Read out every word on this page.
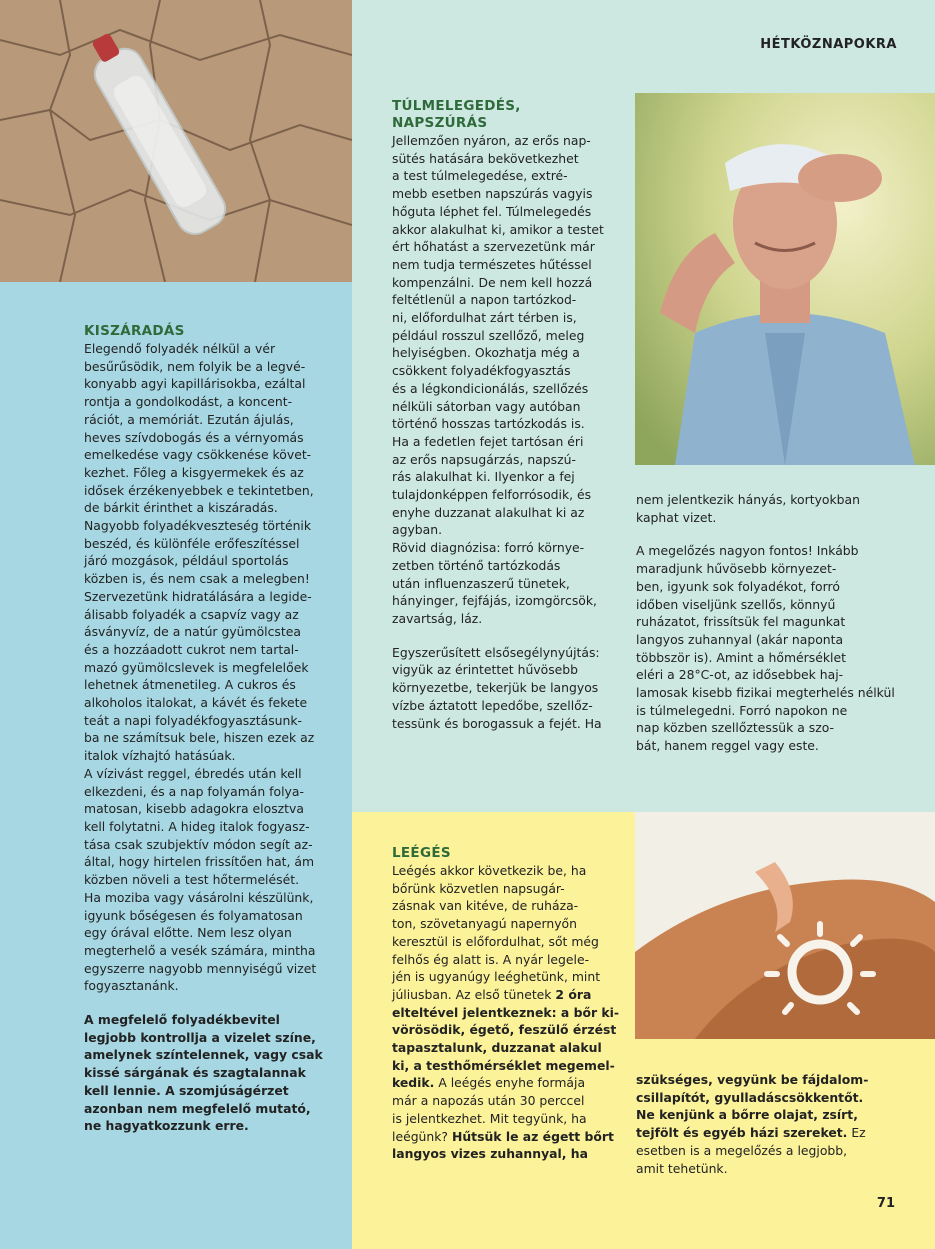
HÉTKÖZNAPOKRA
KISZÁRADÁS

Elegendő folyadék nélkül a vér
besűrűsödik, nem folyik be a legvé-
konyabb agyi kapillárisokba, ezáltal
rontja a gondolkodást, a koncent-
rációt, a memóriát. Ezután ájulás,
heves szívdobogás és a vérnyomás
emelkedése vagy csökkenése követ-
kezhet. Főleg a kisgyermekek és az
idősek érzékenyebbek e tekintetben,
de bárkit érinthet a kiszáradás.
Nagyobb folyadékveszteség történik
beszéd, és különféle erőfeszítéssel
járó mozgások, például sportolás
közben is, és nem csak a melegben!
Szervezetünk hidratálására a legide-
álisabb folyadék a csapvíz vagy az
ásványvíz, de a natúr gyümölcstea
és a hozzáadott cukrot nem tartal-
mazó gyümölcslevek is megfelelőek
lehetnek átmenetileg. A cukros és
alkoholos italokat, a kávét és fekete
teát a napi folyadékfogyasztásunk-
ba ne számítsuk bele, hiszen ezek az
italok vízhajtó hatásúak.
A vízivást reggel, ébredés után kell
elkezdeni, és a nap folyamán folya-
matosan, kisebb adagokra elosztva
kell folytatni. A hideg italok fogyasz-
tása csak szubjektív módon segít az-
által, hogy hirtelen frissítően hat, ám
közben növeli a test hőtermelését.
Ha moziba vagy vásárolni készülünk,
igyunk bőségesen és folyamatosan
egy órával előtte. Nem lesz olyan
megterhelő a vesék számára, mintha
egyszerre nagyobb mennyiségű vizet
fogyasztanánk.

A megfelelő folyadékbevitel
legjobb kontrollja a vizelet színe,
amelynek színtelennek, vagy csak
kissé sárgának és szagtalannak
kell lennie. A szomjúságérzet
azonban nem megfelelő mutató,
ne hagyatkozzunk erre.

TÚLMELEGEDÉS,
NAPSZÚRÁS

Jellemzően nyáron, az erős nap-
sütés hatására bekövetkezhet
a test túlmelegedése, extré-
mebb esetben napszúrás vagyis
hőguta léphet fel. Túlmelegedés
akkor alakulhat ki, amikor a testet
ért hőhatást a szervezetünk már
nem tudja természetes hűtéssel
kompenzálni. De nem kell hozzá
feltétlenül a napon tartózkod-
ni, előfordulhat zárt térben is,
például rosszul szellőző, meleg
helyiségben. Okozhatja még a
csökkent folyadékfogyasztás
és a légkondicionálás, szellőzés
nélküli sátorban vagy autóban
történő hosszas tartózkodás is.
Ha a fedetlen fejet tartósan éri
az erős napsugárzás, napszú-
rás alakulhat ki. Ilyenkor a fej
tulajdonképpen felforrósodik, és
enyhe duzzanat alakulhat ki az
agyban.
Rövid diagnózisa: forró környe-
zetben történő tartózkodás
után influenzaszerű tünetek,
hányinger, fejfájás, izomgörcsök,
zavartság, láz.

Egyszerűsített elsősegélynyújtás:
vigyük az érintettet hűvösebb
környezetbe, tekerjük be langyos
vízbe áztatott lepedőbe, szellőz-
tessünk és borogassuk a fejét. Ha

nem jelentkezik hányás, kortyokban
kaphat vizet.

A megelőzés nagyon fontos! Inkább
maradjunk hűvösebb környezet-
ben, igyunk sok folyadékot, forró
időben viseljünk szellős, könnyű
ruházatot, frissítsük fel magunkat
langyos zuhannyal (akár naponta
többször is). Amint a hőmérséklet
eléri a 28°C-ot, az idősebbek haj-
lamosak kisebb fizikai megterhelés nélkül
is túlmelegedni. Forró napokon ne
nap közben szellőztessük a szo-
bát, hanem reggel vagy este.

LEÉGÉS

Leégés akkor következik be, ha
bőrünk közvetlen napsugár-
zásnak van kitéve, de ruházа-
ton, szövetanyagú napernyőn
keresztül is előfordulhat, sőt még
felhős ég alatt is. A nyár legele-
jén is ugyanúgy leéghetünk, mint
júliusban. Az első tünetek 2 óra
elteltével jelentkeznek: a bőr ki-
vörösödik, égető, feszülő érzést
tapasztalunk, duzzanat alakul
ki, a testhőmérséklet megemel-
kedik. A leégés enyhe formája
már a napozás után 30 perccel
is jelentkezhet. Mit tegyünk, ha
leégünk? Hűtsük le az égett bőrt
langyos vizes zuhannyal, ha

szükséges, vegyünk be fájdalom-
csillapítót, gyulladáscsökkentőt.
Ne kenjünk a bőrre olajat, zsírt,
tejfölt és egyéb házi szereket. Ez
esetben is a megelőzés a legjobb,
amit tehetünk.

71
